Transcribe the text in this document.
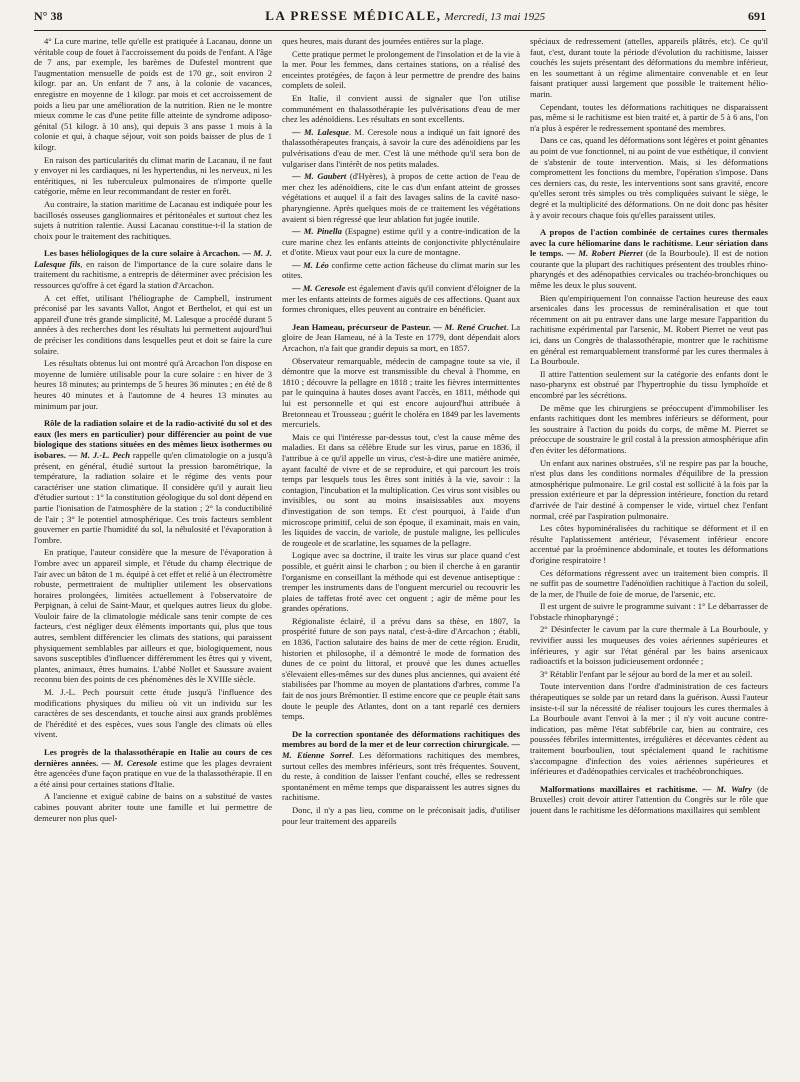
N° 38	LA PRESSE MÉDICALE, Mercredi, 13 mai 1925	691

4° La cure marine, telle qu'elle est pratiquée à Lacanau, donne un véritable coup de fouet à l'accroissement du poids de l'enfant. A l'âge de 7 ans, par exemple, les barèmes de Dufestel montrent que l'augmentation mensuelle de poids est de 170 gr., soit environ 2 kilogr. par an. Un enfant de 7 ans, à la colonie de vacances, enregistre en moyenne de 1 kilogr. par mois et cet accroissement de poids a lieu par une amélioration de la nutrition. Rien ne le montre mieux comme le cas d'une petite fille atteinte de syndrome adiposo-génital (51 kilogr. à 10 ans), qui depuis 3 ans passe 1 mois à la colonie et qui, à chaque séjour, voit son poids baisser de plus de 1 kilogr.

En raison des particularités du climat marin de Lacanau, il ne faut y envoyer ni les cardiaques, ni les hypertendus, ni les nerveux, ni les entéritiques, ni les tuberculeux pulmonaires de n'importe quelle catégorie, même en leur recommandant de rester en forêt.

Au contraire, la station maritime de Lacanau est indiquée pour les bacillosés osseuses ganglionnaires et péritonéales et surtout chez les sujets à nutrition ralentie. Aussi Lacanau constitue-t-il la station de choix pour le traitement des rachitiques.

Les bases héliologiques de la cure solaire à Arcachon. — M. J. Lalesque fils, en raison de l'importance de la cure solaire dans le traitement du rachitisme, a entrepris de déterminer avec précision les ressources qu'offre à cet égard la station d'Arcachon.

A cet effet, utilisant l'héliographe de Campbell, instrument préconisé par les savants Vallot, Angot et Berthelot, et qui est un appareil d'une très grande simplicité, M. Lalesque a procédé durant 5 années à des recherches dont les résultats lui permettent aujourd'hui de préciser les conditions dans lesquelles peut et doit se faire la cure solaire.

Les résultats obtenus lui ont montré qu'à Arcachon l'on dispose en moyenne de lumière utilisable pour la cure solaire : en hiver de 3 heures 18 minutes; au printemps de 5 heures 36 minutes ; en été de 8 heures 40 minutes et à l'automne de 4 heures 13 minutes au minimum par jour.

Rôle de la radiation solaire et de la radio-activité du sol et des eaux (les mers en particulier) pour différencier au point de vue biologique des stations situées en des mêmes lieux isothermes ou isobares. — M. J.-L. Pech rappelle qu'en climatologie on a jusqu'à présent, en général, étudié surtout la pression barométrique, la température, la radiation solaire et le régime des vents pour caractériser une station climatique. Il considère qu'il y aurait lieu d'étudier surtout : 1° la constitution géologique du sol dont dépend en partie l'ionisation de l'atmosphère de la station ; 2° la conductibilité de l'air ; 3° le potentiel atmosphérique. Ces trois facteurs semblent gouverner en partie l'humidité du sol, la nébulosité et l'évaporation à l'ombre.

En pratique, l'auteur considère que la mesure de l'évaporation à l'ombre avec un appareil simple, et l'étude du champ électrique de l'air avec un bâton de 1 m. équipé à cet effet et relié à un électromètre robuste, permettraient de multiplier utilement les observations horaires prolongées, limitées actuellement à l'observatoire de Perpignan, à celui de Saint-Maur, et quelques autres lieux du globe. Vouloir faire de la climatologie médicale sans tenir compte de ces facteurs, c'est négliger deux éléments importants qui, plus que tous autres, semblent différencier les climats des stations, qui paraissent physiquement semblables par ailleurs et que, biologiquement, nous savons susceptibles d'influencer différemment les êtres qui y vivent, plantes, animaux, êtres humains. L'abbé Nollet et Saussure avaient reconnu bien des points de ces phénomènes dès le XVIIIe siècle.

M. J.-L. Pech poursuit cette étude jusqu'à l'influence des modifications physiques du milieu où vit un individu sur les caractères de ses descendants, et touche ainsi aux grands problèmes de l'hérédité et des espèces, vues sous l'angle des climats où elles vivent.

Les progrès de la thalassothérapie en Italie au cours de ces dernières années. — M. Ceresole estime que les plages devraient être agencées d'une façon pratique en vue de la thalassothérapie. Il en a été ainsi pour certaines stations d'Italie.

A l'ancienne et exiguë cabine de bains on a substitué de vastes cabines pouvant abriter toute une famille et lui permettre de demeurer non plus quel-

ques heures, mais durant des journées entières sur la plage.

Cette pratique permet le prolongement de l'insolation et de la vie à la mer. Pour les femmes, dans certaines stations, on a réalisé des enceintes protégées, de façon à leur permettre de prendre des bains complets de soleil.

En Italie, il convient aussi de signaler que l'on utilise communément en thalassothérapie les pulvérisations d'eau de mer chez les adénoïdiens. Les résultats en sont excellents.

— M. Lalesque. M. Ceresole nous a indiqué un fait ignoré des thalassothérapeutes français, à savoir la cure des adénoïdiens par les pulvérisations d'eau de mer. C'est là une méthode qu'il sera bon de vulgariser dans l'intérêt de nos petits malades.

— M. Gaubert (d'Hyères), à propos de cette action de l'eau de mer chez les adénoïdiens, cite le cas d'un enfant atteint de grosses végétations et auquel il a fait des lavages salins de la cavité naso-pharyngienne. Après quelques mois de ce traitement les végétations avaient si bien régressé que leur ablation fut jugée inutile.

— M. Pinella (Espagne) estime qu'il y a contre-indication de la cure marine chez les enfants atteints de conjonctivite phlycténulaire et d'otite. Mieux vaut pour eux la cure de montagne.

— M. Léo confirme cette action fâcheuse du climat marin sur les otites.

— M. Ceresole est également d'avis qu'il convient d'éloigner de la mer les enfants atteints de formes aiguës de ces affections. Quant aux formes chroniques, elles peuvent au contraire en bénéficier.

Jean Hameau, précurseur de Pasteur. — M. René Cruchet. La gloire de Jean Hameau, né à la Teste en 1779, dont dépendait alors Arcachon, n'a fait que grandir depuis sa mort, en 1857.

Observateur remarquable, médecin de campagne toute sa vie, il démontre que la morve est transmissible du cheval à l'homme, en 1810 ; découvre la pellagre en 1818 ; traite les fièvres intermittentes par le quinquina à hautes doses avant l'accès, en 1811, méthode qui lui est personnelle et qui est encore aujourd'hui attribuée à Bretonneau et Trousseau ; guérit le choléra en 1849 par les lavements mercuriels.

Mais ce qui l'intéresse par-dessus tout, c'est la cause même des maladies. Et dans sa célèbre Etude sur les virus, parue en 1836, il l'attribue à ce qu'il appelle un virus, c'est-à-dire une matière animée, ayant faculté de vivre et de se reproduire, et qui parcourt les trois temps par lesquels tous les êtres sont initiés à la vie, savoir : la contagion, l'incubation et la multiplication. Ces virus sont visibles ou invisibles, ou sont au moins insaisissables aux moyens d'investigation de son temps. Et c'est pourquoi, à l'aide d'un microscope primitif, celui de son époque, il examinait, mais en vain, les liquides de vaccin, de variole, de pustule maligne, les pellicules de rougeole et de scarlatine, les squames de la pellagre.

Logique avec sa doctrine, il traite les virus sur place quand c'est possible, et guérit ainsi le charbon ; ou bien il cherche à en garantir l'organisme en conseillant la méthode qui est devenue antiseptique : tremper les instruments dans de l'onguent mercuriel ou recouvrir les plaies de taffetas froté avec cet onguent ; agir de même pour les grandes opérations.

Régionaliste éclairé, il a prévu dans sa thèse, en 1807, la prospérité future de son pays natal, c'est-à-dire d'Arcachon ; établi, en 1836, l'action salutaire des bains de mer de cette région. Erudit, historien et philosophe, il a démontré le mode de formation des dunes de ce point du littoral, et prouvé que les dunes actuelles s'élevaient elles-mêmes sur des dunes plus anciennes, qui avaient été stabilisées par l'homme au moyen de plantations d'arbres, comme l'a fait de nos jours Brémontier. Il estime encore que ce peuple était sans doute le peuple des Atlantes, dont on a tant reparlé ces derniers temps.

De la correction spontanée des déformations rachitiques des membres au bord de la mer et de leur correction chirurgicale. — M. Etienne Sorrel. Les déformations rachitiques des membres, surtout celles des membres inférieurs, sont très fréquentes. Souvent, du reste, à condition de laisser l'enfant couché, elles se redressent spontanément en même temps que disparaissent les autres signes du rachitisme.

Donc, il n'y a pas lieu, comme on le préconisait jadis, d'utiliser pour leur traitement des appareils

spéciaux de redressement (attelles, appareils plâtrés, etc). Ce qu'il faut, c'est, durant toute la période d'évolution du rachitisme, laisser couchés les sujets présentant des déformations du membre inférieur, en les soumettant à un régime alimentaire convenable et en leur faisant pratiquer aussi largement que possible le traitement hélio-marin.

Cependant, toutes les déformations rachitiques ne disparaissent pas, même si le rachitisme est bien traité et, à partir de 5 à 6 ans, l'on n'a plus à espérer le redressement spontané des membres.

Dans ce cas, quand les déformations sont légères et point gênantes au point de vue fonctionnel, ni au point de vue esthétique, il convient de s'abstenir de toute intervention. Mais, si les déformations compromettent les fonctions du membre, l'opération s'impose. Dans ces derniers cas, du reste, les interventions sont sans gravité, encore qu'elles seront très simples ou très compliquées suivant le siège, le degré et la multiplicité des déformations. On ne doit donc pas hésiter à y avoir recours chaque fois qu'elles paraissent utiles.

A propos de l'action combinée de certaines cures thermales avec la cure héliomarine dans le rachitisme. Leur sériation dans le temps. — M. Robert Pierret (de la Bourboule). Il est de notion courante que la plupart des rachitiques présentent des troubles rhino-pharyngés et des adénopathies cervicales ou trachéo-bronchiques ou même les deux le plus souvent.

Bien qu'empiriquement l'on connaisse l'action heureuse des eaux arsenicales dans les processus de reminéralisation et que tout récemment on ait pu entraver dans une large mesure l'apparition du rachitisme expérimental par l'arsenic, M. Robert Pierret ne veut pas ici, dans un Congrès de thalassothérapie, montrer que le rachitisme en général est remarquablement transformé par les cures thermales à La Bourboule.

Il attire l'attention seulement sur la catégorie des enfants dont le naso-pharynx est obstrué par l'hypertrophie du tissu lymphoïde et encombré par les sécrétions.

De même que les chirurgiens se préoccupent d'immobiliser les enfants rachitiques dont les membres inférieurs se déforment, pour les soustraire à l'action du poids du corps, de même M. Pierret se préoccupe de soustraire le gril costal à la pression atmosphérique afin d'en éviter les déformations.

Un enfant aux narines obstruées, s'il ne respire pas par la bouche, n'est plus dans les conditions normales d'équilibre de la pression atmosphérique pulmonaire. Le gril costal est sollicité à la fois par la pression extérieure et par la dépression intérieure, fonction du retard d'arrivée de l'air destiné à compenser le vide, virtuel chez l'enfant normal, créé par l'aspiration pulmonaire.

Les côtes hypominéralisées du rachitique se déforment et il en résulte l'aplatissement antérieur, l'évasement inférieur encore accentué par la proéminence abdominale, et toutes les déformations d'origine respiratoire !

Ces déformations régressent avec un traitement bien compris. Il ne suffit pas de soumettre l'adénoïdien rachitique à l'action du soleil, de la mer, de l'huile de foie de morue, de l'arsenic, etc.

Il est urgent de suivre le programme suivant : 1° Le débarrasser de l'obstacle rhinopharyngé ;

2° Désinfecter le cavum par la cure thermale à La Bourboule, y revivifier aussi les muqueuses des voies aériennes supérieures et inférieures, y agir sur l'état général par les bains arsenicaux radioactifs et la boisson judicieusement ordonnée ;

3° Rétablir l'enfant par le séjour au bord de la mer et au soleil.

Toute intervention dans l'ordre d'administration de ces facteurs thérapeutiques se solde par un retard dans la guérison. Aussi l'auteur insiste-t-il sur la nécessité de réaliser toujours les cures thermales à La Bourboule avant l'envoi à la mer ; il n'y voit aucune contre-indication, pas même l'état subfébrile car, bien au contraire, ces poussées fébriles intermittentes, irrégulières et décevantes cèdent au traitement bourboulien, tout spécialement quand le rachitisme s'accompagne d'infection des voies aériennes supérieures et inférieures et d'adénopathies cervicales et trachéobronchiques.

Malformations maxillaires et rachitisme. — M. Walry (de Bruxelles) croit devoir attirer l'attention du Congrès sur le rôle que jouent dans le rachitisme les déformations maxillaires qui semblent
